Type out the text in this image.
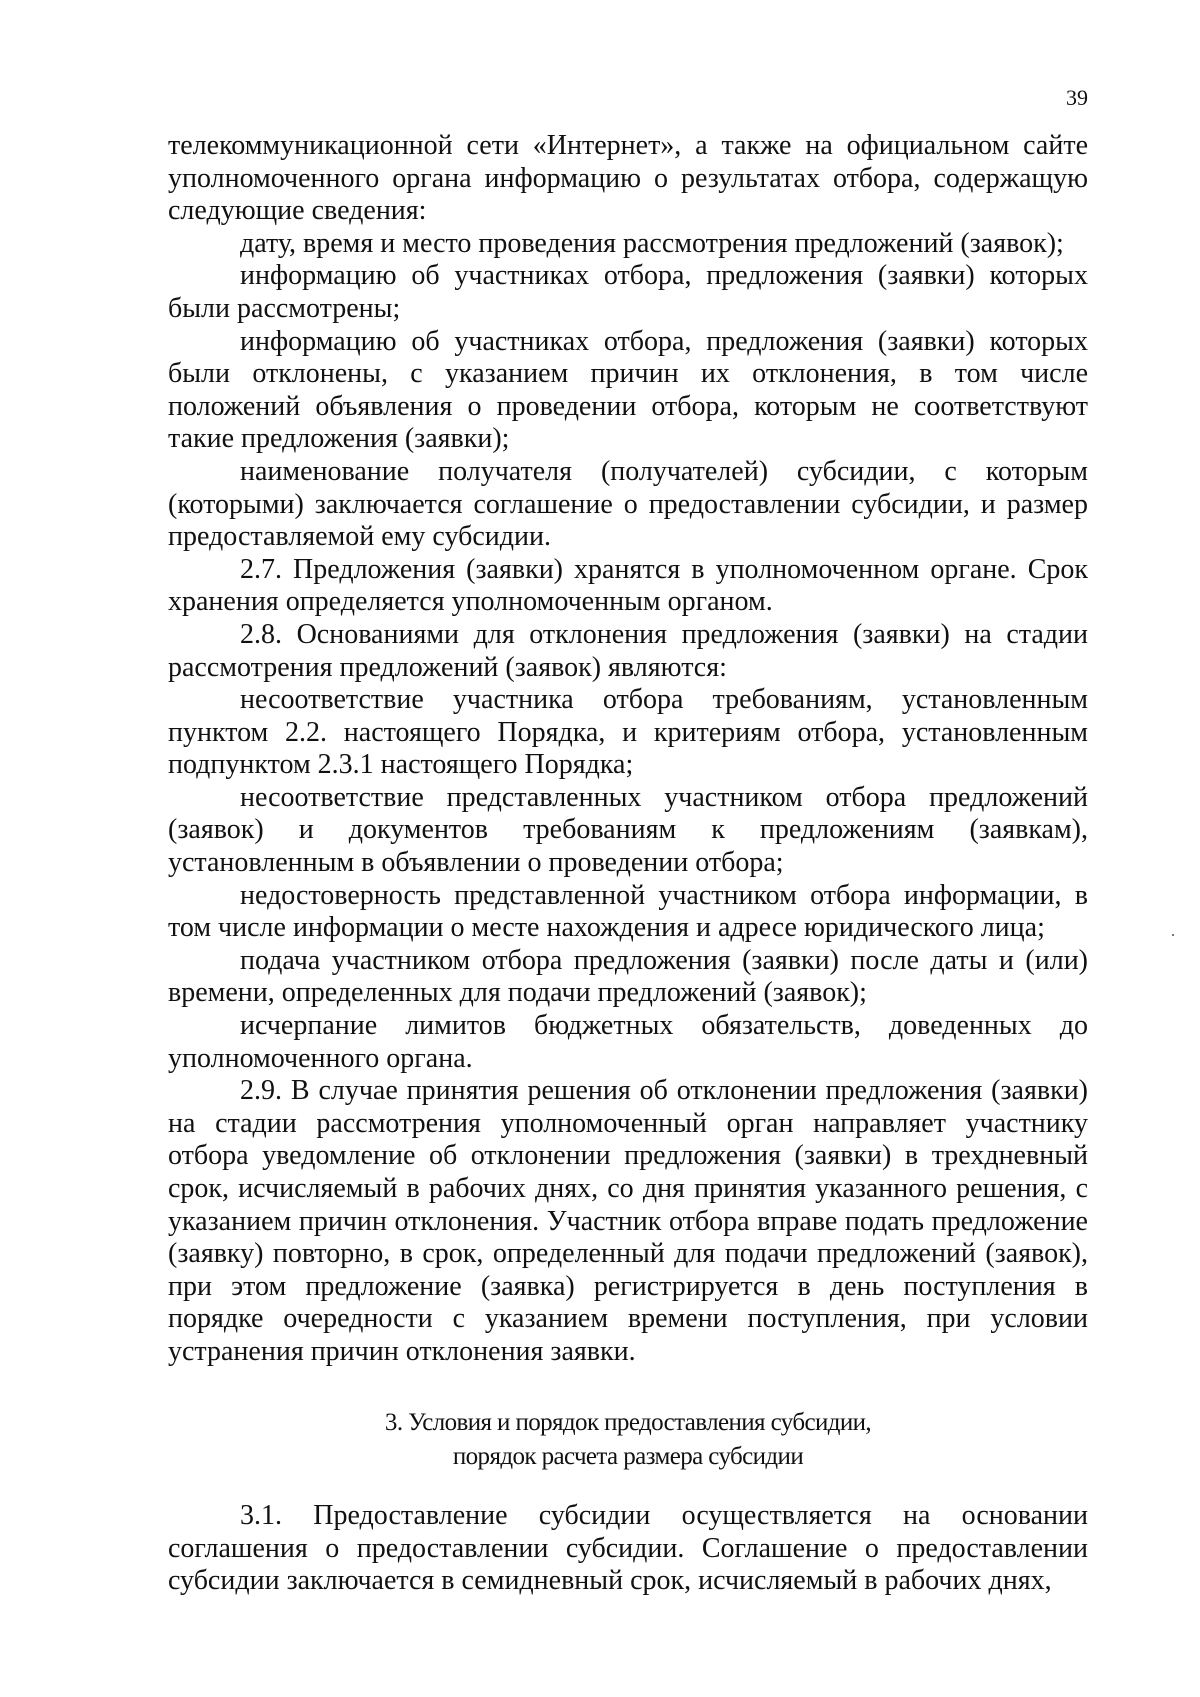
39

телекоммуникационной сети «Интернет», а также на официальном сайте уполномоченного органа информацию о результатах отбора, содержащую следующие сведения:

дату, время и место проведения рассмотрения предложений (заявок);

информацию об участниках отбора, предложения (заявки) которых были рассмотрены;

информацию об участниках отбора, предложения (заявки) которых были отклонены, с указанием причин их отклонения, в том числе положений объявления о проведении отбора, которым не соответствуют такие предложения (заявки);

наименование получателя (получателей) субсидии, с которым (которыми) заключается соглашение о предоставлении субсидии, и размер предоставляемой ему субсидии.

2.7. Предложения (заявки) хранятся в уполномоченном органе. Срок хранения определяется уполномоченным органом.

2.8. Основаниями для отклонения предложения (заявки) на стадии рассмотрения предложений (заявок) являются:

несоответствие участника отбора требованиям, установленным пунктом 2.2. настоящего Порядка, и критериям отбора, установленным подпунктом 2.3.1 настоящего Порядка;

несоответствие представленных участником отбора предложений (заявок) и документов требованиям к предложениям (заявкам), установленным в объявлении о проведении отбора;

недостоверность представленной участником отбора информации, в том числе информации о месте нахождения и адресе юридического лица;

подача участником отбора предложения (заявки) после даты и (или) времени, определенных для подачи предложений (заявок);

исчерпание лимитов бюджетных обязательств, доведенных до уполномоченного органа.

2.9. В случае принятия решения об отклонении предложения (заявки) на стадии рассмотрения уполномоченный орган направляет участнику отбора уведомление об отклонении предложения (заявки) в трехдневный срок, исчисляемый в рабочих днях, со дня принятия указанного решения, с указанием причин отклонения. Участник отбора вправе подать предложение (заявку) повторно, в срок, определенный для подачи предложений (заявок), при этом предложение (заявка) регистрируется в день поступления в порядке очередности с указанием времени поступления, при условии устранения причин отклонения заявки.

3. Условия и порядок предоставления субсидии,
порядок расчета размера субсидии

3.1. Предоставление субсидии осуществляется на основании соглашения о предоставлении субсидии. Соглашение о предоставлении субсидии заключается в семидневный срок, исчисляемый в рабочих днях,
